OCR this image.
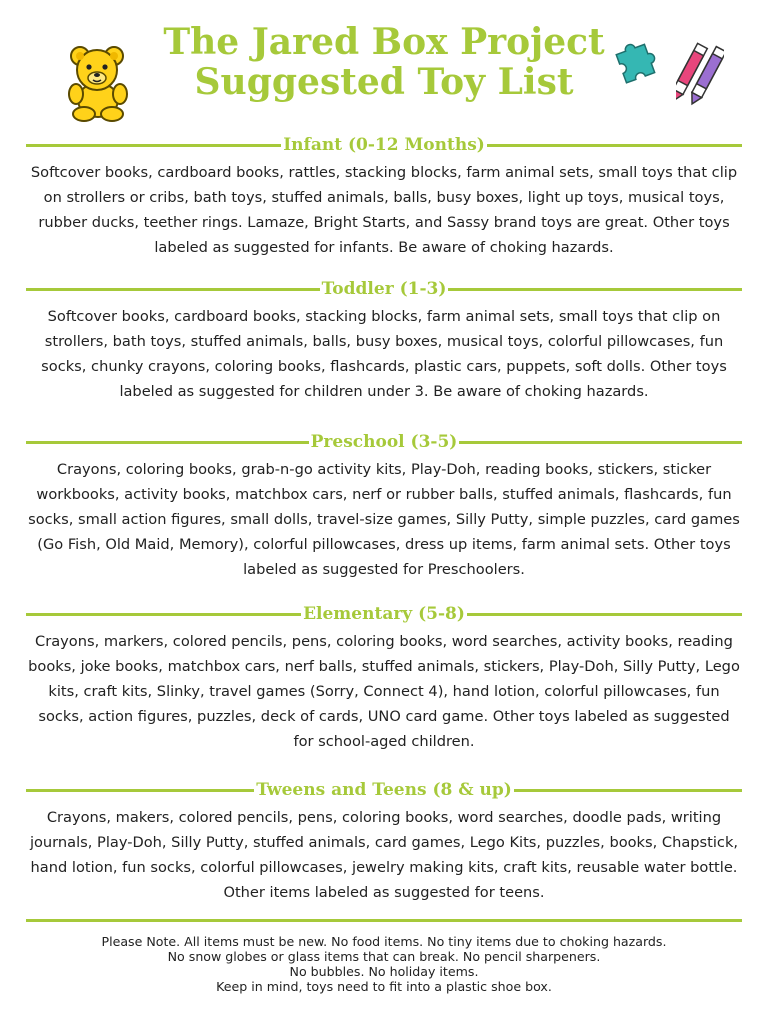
The Jared Box Project
Suggested Toy List
Infant (0-12 Months)

Softcover books, cardboard books, rattles, stacking blocks, farm animal sets, small toys that clip on strollers or cribs, bath toys, stuffed animals, balls, busy boxes, light up toys, musical toys, rubber ducks, teether rings. Lamaze, Bright Starts, and Sassy brand toys are great. Other toys labeled as suggested for infants. Be aware of choking hazards.

Toddler (1-3)

Softcover books, cardboard books, stacking blocks, farm animal sets, small toys that clip on strollers, bath toys, stuffed animals, balls, busy boxes, musical toys, colorful pillowcases, fun socks, chunky crayons, coloring books, flashcards, plastic cars, puppets, soft dolls. Other toys labeled as suggested for children under 3. Be aware of choking hazards.

Preschool (3-5)

Crayons, coloring books, grab-n-go activity kits, Play-Doh, reading books, stickers, sticker workbooks, activity books, matchbox cars, nerf or rubber balls, stuffed animals, flashcards, fun socks, small action figures, small dolls, travel-size games, Silly Putty, simple puzzles, card games (Go Fish, Old Maid, Memory), colorful pillowcases, dress up items, farm animal sets. Other toys labeled as suggested for Preschoolers.

Elementary (5-8)

Crayons, markers, colored pencils, pens, coloring books, word searches, activity books, reading books, joke books, matchbox cars, nerf balls, stuffed animals, stickers, Play-Doh, Silly Putty, Lego kits, craft kits, Slinky, travel games (Sorry, Connect 4), hand lotion, colorful pillowcases, fun socks, action figures, puzzles, deck of cards, UNO card game. Other toys labeled as suggested for school-aged children.

Tweens and Teens (8 & up)

Crayons, makers, colored pencils, pens, coloring books, word searches, doodle pads, writing journals, Play-Doh, Silly Putty, stuffed animals, card games, Lego Kits, puzzles, books, Chapstick, hand lotion, fun socks, colorful pillowcases, jewelry making kits, craft kits, reusable water bottle. Other items labeled as suggested for teens.

Please Note. All items must be new. No food items. No tiny items due to choking hazards.
No snow globes or glass items that can break. No pencil sharpeners.
No bubbles. No holiday items.
Keep in mind, toys need to fit into a plastic shoe box.
